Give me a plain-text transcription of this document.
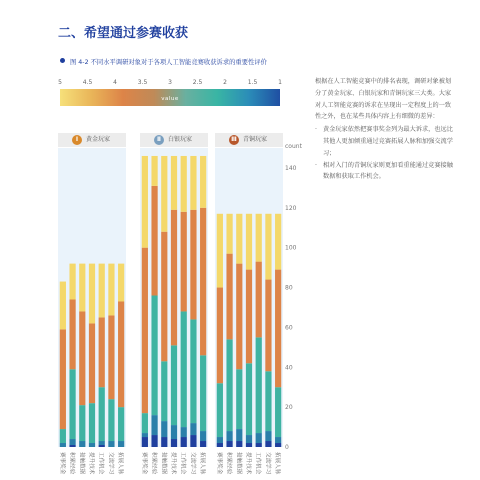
二、希望通过参赛收获
图 4-2 不同水平调研对象对于各项人工智能竞赛收获诉求的重要性评价
5	4.5	4	3.5	3	2.5	2	1.5	1
value
赛事奖金 积累经验 接触数据 提升技术 工作机会 交流学习 拓展人脉	赛事奖金 积累经验 接触数据 提升技术 工作机会 交流学习 拓展人脉	赛事奖金 积累经验 接触数据 提升技术 工作机会 交流学习 拓展人脉
count
0
20
40
60
80
100
120
140
Ⅰ	黄金玩家	Ⅱ	白银玩家	Ⅲ	青铜玩家

根据在人工智能竞赛中的排名表现，调研对象被划分了黄金玩家、白银玩家和青铜玩家三大类。大家对人工智能竞赛的诉求在呈现出一定程度上的一致性之外，也在某些具体内容上有细微的差异：

· 黄金玩家依然把赛事奖金列为最大诉求，也远比其他人更加倾重通过竞赛拓展人脉和加强交流学习；

· 相对入门的青铜玩家则更加看重能通过竞赛接触数据和获取工作机会。
